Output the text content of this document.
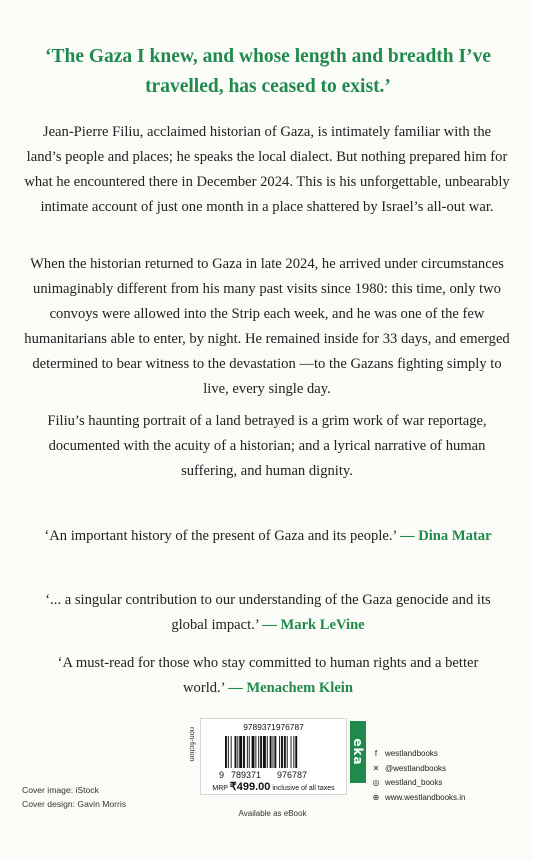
‘The Gaza I knew, and whose length and breadth I’ve travelled, has ceased to exist.’
Jean-Pierre Filiu, acclaimed historian of Gaza, is intimately familiar with the land’s people and places; he speaks the local dialect. But nothing prepared him for what he encountered there in December 2024. This is his unforgettable, unbearably intimate account of just one month in a place shattered by Israel’s all-out war.
When the historian returned to Gaza in late 2024, he arrived under circumstances unimaginably different from his many past visits since 1980: this time, only two convoys were allowed into the Strip each week, and he was one of the few humanitarians able to enter, by night. He remained inside for 33 days, and emerged determined to bear witness to the devastation —to the Gazans fighting simply to live, every single day.
Filiu’s haunting portrait of a land betrayed is a grim work of war reportage, documented with the acuity of a historian; and a lyrical narrative of human suffering, and human dignity.
‘An important history of the present of Gaza and its people.’ — Dina Matar
‘... a singular contribution to our understanding of the Gaza genocide and its global impact.’ — Mark LeVine
‘A must-read for those who stay committed to human rights and a better world.’ — Menachem Klein
Cover image: iStock
Cover design: Gavin Morris
non-fiction	9789371976787
9 789371 976787
MRP ₹499.00 inclusive of all taxes
Available as eBook
eka	f westlandbooks
✕ @westlandbooks
◎ westland_books
⊕ www.westlandbooks.in
